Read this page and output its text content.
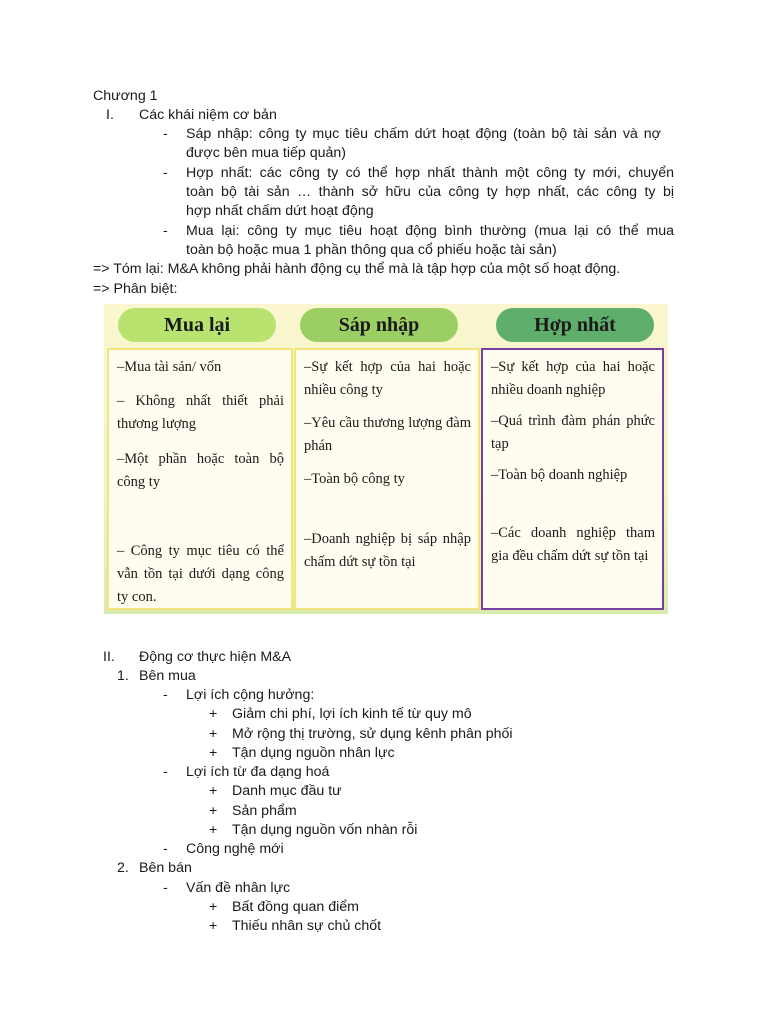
Chương 1
I. Các khái niệm cơ bản
- Sáp nhập: công ty mục tiêu chấm dứt hoạt động (toàn bộ tài sản và nợ
được bên mua tiếp quản)
- Hợp nhất: các công ty có thể hợp nhất thành một công ty mới, chuyển
toàn bộ tài sản … thành sở hữu của công ty hợp nhất, các công ty bị
hợp nhất chấm dứt hoạt động
- Mua lại: công ty mục tiêu hoạt động bình thường (mua lại có thể mua
toàn bộ hoặc mua 1 phần thông qua cổ phiếu hoặc tài sản)
=> Tóm lại: M&A không phải hành động cụ thể mà là tập hợp của một số hoạt động.
=> Phân biệt:
Mua lại	Sáp nhập	Hợp nhất
–Mua tài sản/ vốn
– Không nhất thiết phải thương lượng
–Một phần hoặc toàn bộ công ty
– Công ty mục tiêu có thể vẫn tồn tại dưới dạng công ty con.
–Sự kết hợp của hai hoặc nhiều công ty
–Yêu cầu thương lượng đàm phán
–Toàn bộ công ty
–Doanh nghiệp bị sáp nhập chấm dứt sự tồn tại
–Sự kết hợp của hai hoặc nhiều doanh nghiệp
–Quá trình đàm phán phức tạp
–Toàn bộ doanh nghiệp
–Các doanh nghiệp tham gia đều chấm dứt sự tồn tại
II. Động cơ thực hiện M&A
1. Bên mua
- Lợi ích cộng hưởng:
+ Giảm chi phí, lợi ích kinh tế từ quy mô
+ Mở rộng thị trường, sử dụng kênh phân phối
+ Tận dụng nguồn nhân lực
- Lợi ích từ đa dạng hoá
+ Danh mục đầu tư
+ Sản phẩm
+ Tận dụng nguồn vốn nhàn rỗi
- Công nghệ mới
2. Bên bán
- Vấn đề nhân lực
+ Bất đồng quan điểm
+ Thiếu nhân sự chủ chốt
